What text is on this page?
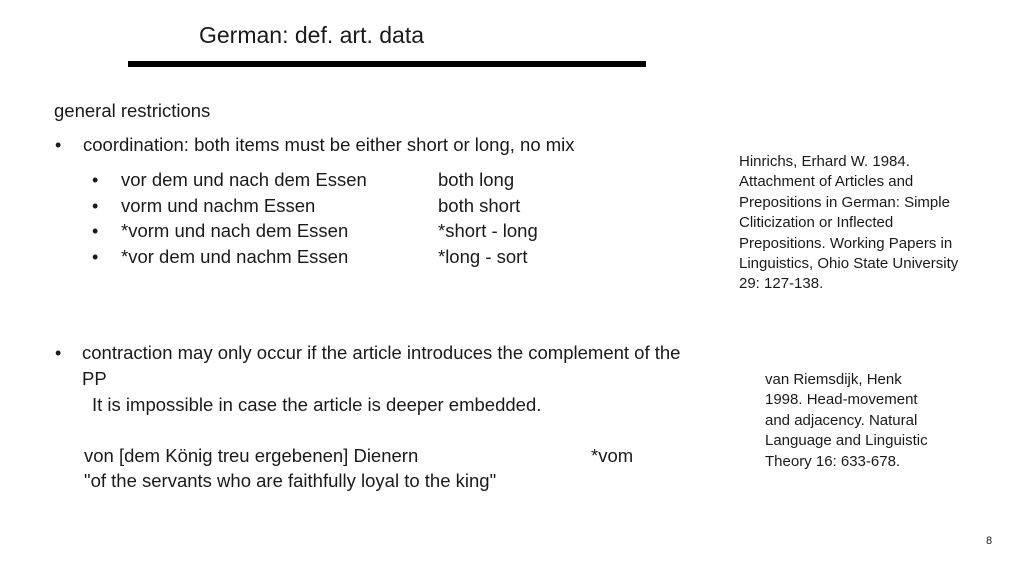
German: def. art. data
general restrictions
• coordination: both items must be either short or long, no mix
• vor dem und nach dem Essen	both long
• vorm und nachm Essen	both short
• *vorm und nach dem Essen	*short - long
• *vor dem und nachm Essen	*long - sort
• contraction may only occur if the article introduces the complement of the
PP
It is impossible in case the article is deeper embedded.
von [dem König treu ergebenen] Dienern	*vom
"of the servants who are faithfully loyal to the king"
Hinrichs, Erhard W. 1984.
Attachment of Articles and
Prepositions in German: Simple
Cliticization or Inflected
Prepositions. Working Papers in
Linguistics, Ohio State University
29: 127-138.
van Riemsdijk, Henk
1998. Head-movement
and adjacency. Natural
Language and Linguistic
Theory 16: 633-678.
8
